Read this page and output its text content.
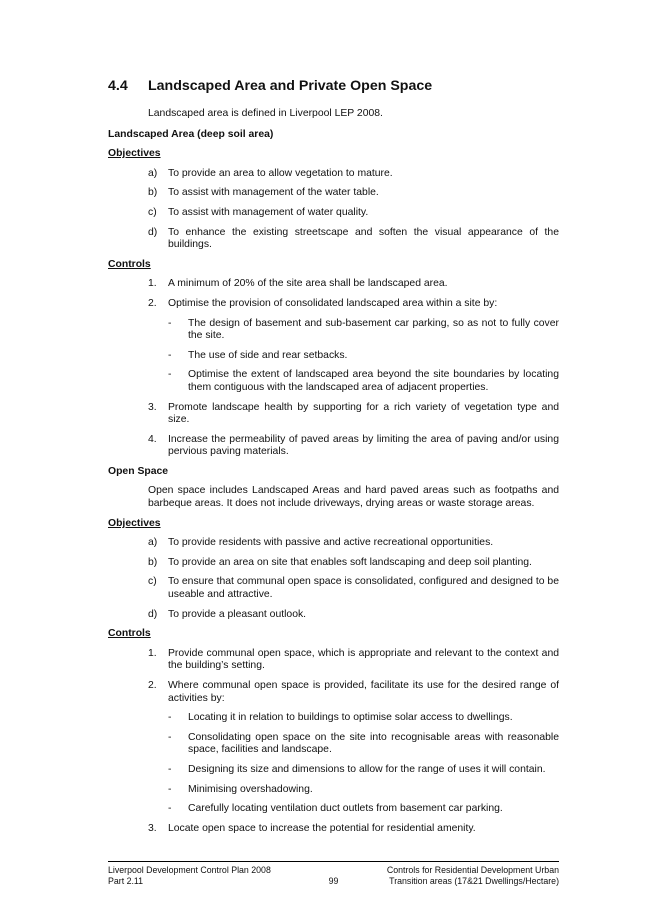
4.4	Landscaped Area and Private Open Space

Landscaped area is defined in Liverpool LEP 2008.

Landscaped Area (deep soil area)

Objectives

a)	To provide an area to allow vegetation to mature.
b)	To assist with management of the water table.
c)	To assist with management of water quality.
d)	To enhance the existing streetscape and soften the visual appearance of the buildings.

Controls

1.	A minimum of 20% of the site area shall be landscaped area.
2.	Optimise the provision of consolidated landscaped area within a site by:
-	The design of basement and sub-basement car parking, so as not to fully cover the site.
-	The use of side and rear setbacks.
-	Optimise the extent of landscaped area beyond the site boundaries by locating them contiguous with the landscaped area of adjacent properties.
3.	Promote landscape health by supporting for a rich variety of vegetation type and size.
4.	Increase the permeability of paved areas by limiting the area of paving and/or using pervious paving materials.

Open Space

Open space includes Landscaped Areas and hard paved areas such as footpaths and barbeque areas. It does not include driveways, drying areas or waste storage areas.

Objectives

a)	To provide residents with passive and active recreational opportunities.
b)	To provide an area on site that enables soft landscaping and deep soil planting.
c)	To ensure that communal open space is consolidated, configured and designed to be useable and attractive.
d)	To provide a pleasant outlook.

Controls

1.	Provide communal open space, which is appropriate and relevant to the context and the building’s setting.
2.	Where communal open space is provided, facilitate its use for the desired range of activities by:
-	Locating it in relation to buildings to optimise solar access to dwellings.
-	Consolidating open space on the site into recognisable areas with reasonable space, facilities and landscape.
-	Designing its size and dimensions to allow for the range of uses it will contain.
-	Minimising overshadowing.
-	Carefully locating ventilation duct outlets from basement car parking.
3.	Locate open space to increase the potential for residential amenity.
Liverpool Development Control Plan 2008
Part 2.11	99
Controls for Residential Development Urban
Transition areas (17&21 Dwellings/Hectare)
